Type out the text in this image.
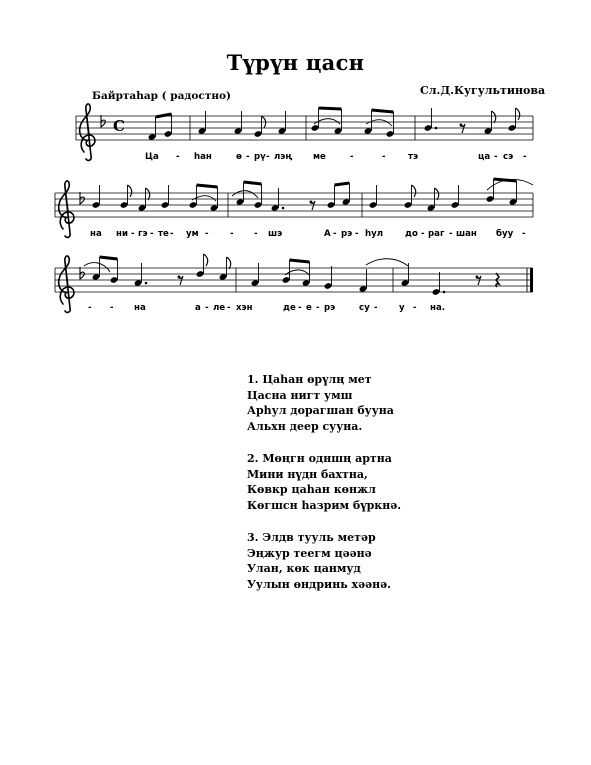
Түрүн цасн
Байртаһар ( радостно)	Сл.Д.Кугультинова
C
Ца - һан	ө - рү - лэң ме	-	-	тэ	ца - сэ -
на ни - гэ - те - ум - - - шэ	А - рэ - һул	до - раг - шан буу -
- - на	а - ле - хэн	де - е - рэ	су - у - на.
1. Цаһан өрүлң мет
Цасна нигт умш
Арһул дорагшан бууна
Альхн деер сууна.
2. Мөңгн одншң артна
Мини нүдн бахтна,
Көвкр цаһан көнжл
Көгшсн һазрим бүркнә.
3. Элдв тууль метәр
Эңжур теегм цәәнә
Улан, көк цанмуд
Уулын өндринь хәәнә.
